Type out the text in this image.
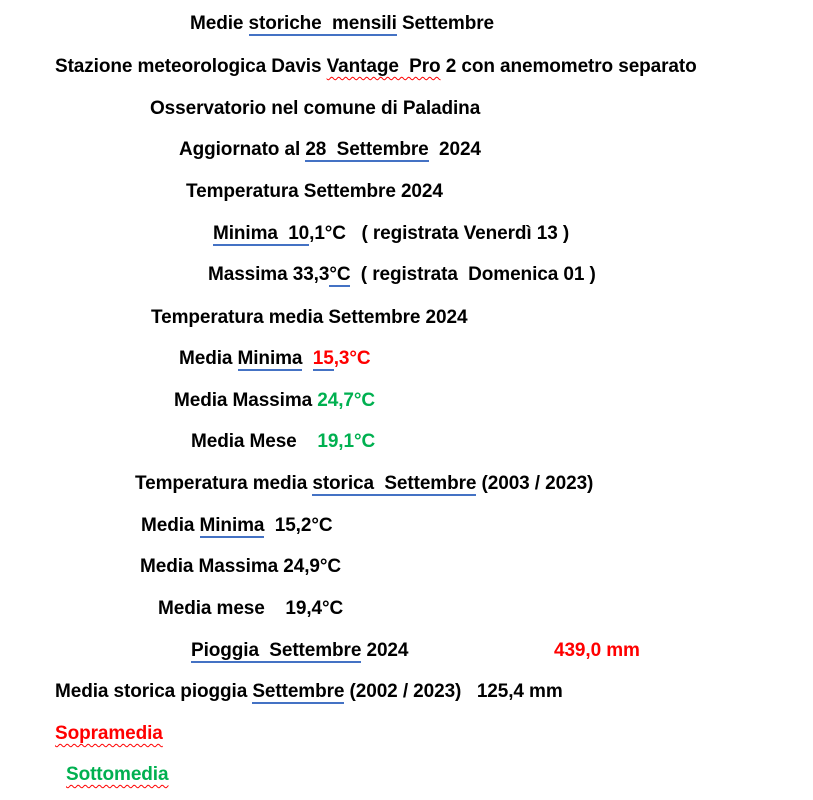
Medie storiche  mensili Settembre
Stazione meteorologica Davis Vantage  Pro 2 con anemometro separato
Osservatorio nel comune di Paladina
Aggiornato al 28  Settembre  2024
Temperatura Settembre 2024
Minima  10,1°C   ( registrata Venerdì 13 )
Massima 33,3°C  ( registrata  Domenica 01 )
Temperatura media Settembre 2024
Media Minima 15,3°C
Media Massima 24,7°C
Media Mese    19,1°C
Temperatura media storica  Settembre (2003 / 2023)
Media Minima  15,2°C
Media Massima 24,9°C
Media mese    19,4°C
Pioggia  Settembre 2024	439,0 mm
Media storica pioggia Settembre (2002 / 2023)   125,4 mm
Sopramedia
Sottomedia
